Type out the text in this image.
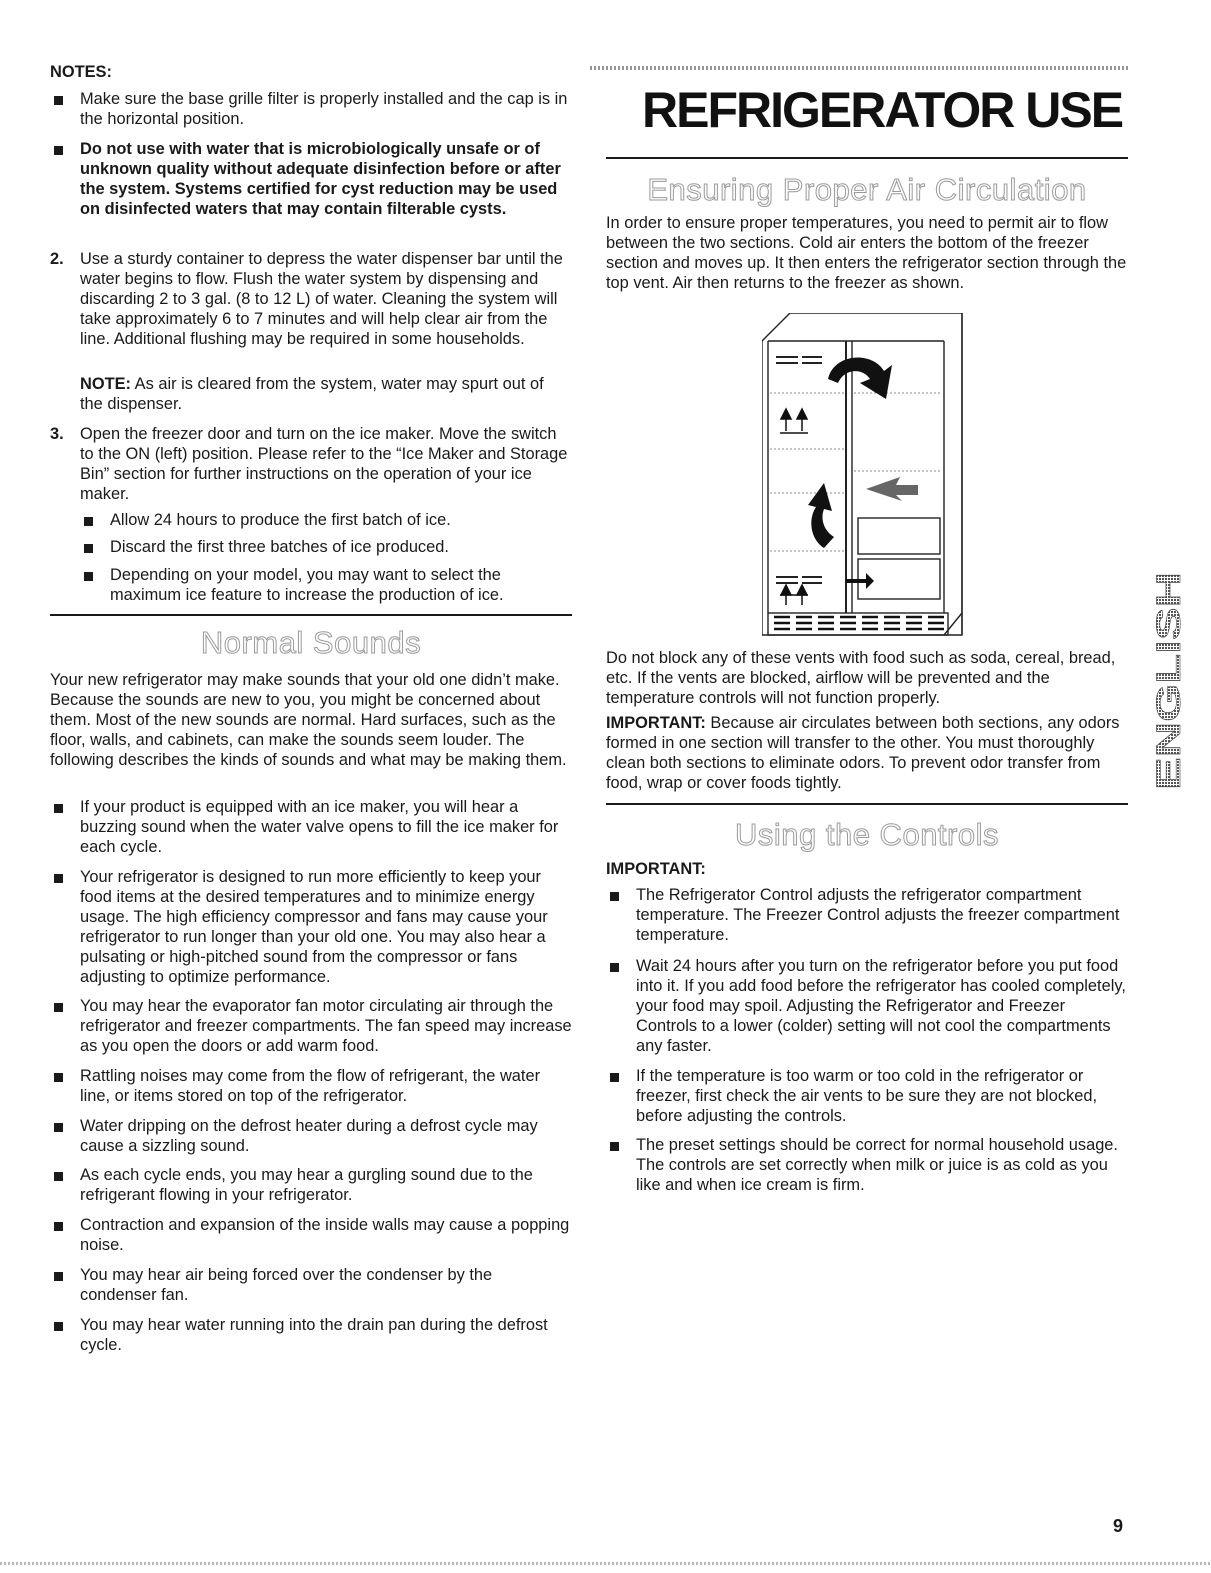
NOTES:

Make sure the base grille filter is properly installed and the cap is in the horizontal position.

Do not use with water that is microbiologically unsafe or of unknown quality without adequate disinfection before or after the system. Systems certified for cyst reduction may be used on disinfected waters that may contain filterable cysts.

2. Use a sturdy container to depress the water dispenser bar until the water begins to flow. Flush the water system by dispensing and discarding 2 to 3 gal. (8 to 12 L) of water. Cleaning the system will take approximately 6 to 7 minutes and will help clear air from the line. Additional flushing may be required in some households.

NOTE: As air is cleared from the system, water may spurt out of the dispenser.

3. Open the freezer door and turn on the ice maker. Move the switch to the ON (left) position. Please refer to the “Ice Maker and Storage Bin” section for further instructions on the operation of your ice maker.

Allow 24 hours to produce the first batch of ice.

Discard the first three batches of ice produced.

Depending on your model, you may want to select the maximum ice feature to increase the production of ice.

Normal Sounds

Your new refrigerator may make sounds that your old one didn’t make. Because the sounds are new to you, you might be concerned about them. Most of the new sounds are normal. Hard surfaces, such as the floor, walls, and cabinets, can make the sounds seem louder. The following describes the kinds of sounds and what may be making them.

If your product is equipped with an ice maker, you will hear a buzzing sound when the water valve opens to fill the ice maker for each cycle.

Your refrigerator is designed to run more efficiently to keep your food items at the desired temperatures and to minimize energy usage. The high efficiency compressor and fans may cause your refrigerator to run longer than your old one. You may also hear a pulsating or high-pitched sound from the compressor or fans adjusting to optimize performance.

You may hear the evaporator fan motor circulating air through the refrigerator and freezer compartments. The fan speed may increase as you open the doors or add warm food.

Rattling noises may come from the flow of refrigerant, the water line, or items stored on top of the refrigerator.

Water dripping on the defrost heater during a defrost cycle may cause a sizzling sound.

As each cycle ends, you may hear a gurgling sound due to the refrigerant flowing in your refrigerator.

Contraction and expansion of the inside walls may cause a popping noise.

You may hear air being forced over the condenser by the condenser fan.

You may hear water running into the drain pan during the defrost cycle.

REFRIGERATOR USE
Ensuring Proper Air Circulation

In order to ensure proper temperatures, you need to permit air to flow between the two sections. Cold air enters the bottom of the freezer section and moves up. It then enters the refrigerator section through the top vent. Air then returns to the freezer as shown.

Do not block any of these vents with food such as soda, cereal, bread, etc. If the vents are blocked, airflow will be prevented and the temperature controls will not function properly.

IMPORTANT: Because air circulates between both sections, any odors formed in one section will transfer to the other. You must thoroughly clean both sections to eliminate odors. To prevent odor transfer from food, wrap or cover foods tightly.

Using the Controls

IMPORTANT:

The Refrigerator Control adjusts the refrigerator compartment temperature. The Freezer Control adjusts the freezer compartment temperature.

Wait 24 hours after you turn on the refrigerator before you put food into it. If you add food before the refrigerator has cooled completely, your food may spoil. Adjusting the Refrigerator and Freezer Controls to a lower (colder) setting will not cool the compartments any faster.

If the temperature is too warm or too cold in the refrigerator or freezer, first check the air vents to be sure they are not blocked, before adjusting the controls.

The preset settings should be correct for normal household usage. The controls are set correctly when milk or juice is as cold as you like and when ice cream is firm.

ENGLISH
9
